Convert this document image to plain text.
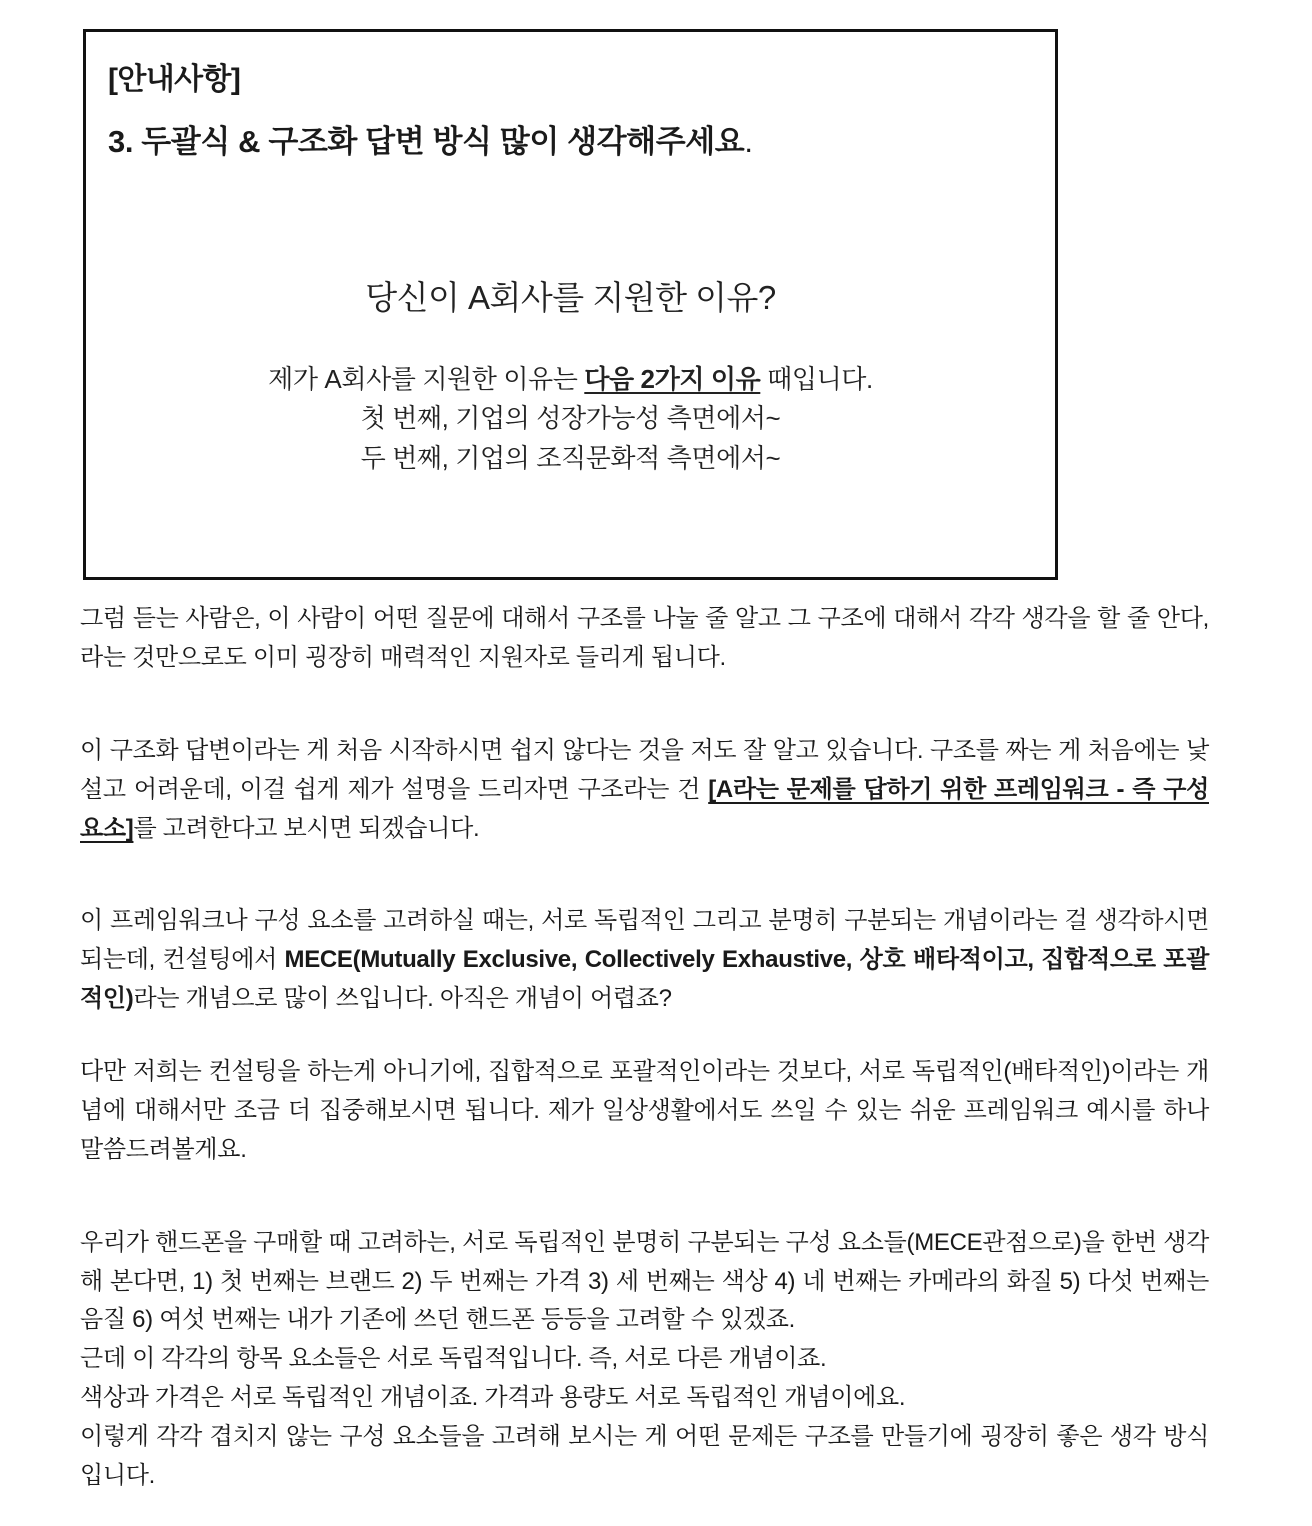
[안내사항]
3. 두괄식 & 구조화 답변 방식 많이 생각해주세요.

당신이 A회사를 지원한 이유?

제가 A회사를 지원한 이유는 다음 2가지 이유 때입니다.

첫 번째, 기업의 성장가능성 측면에서~

두 번째, 기업의 조직문화적 측면에서~

그럼 듣는 사람은, 이 사람이 어떤 질문에 대해서 구조를 나눌 줄 알고 그 구조에 대해서 각각 생각을 할 줄 안다,라는 것만으로도 이미 굉장히 매력적인 지원자로 들리게 됩니다.

이 구조화 답변이라는 게 처음 시작하시면 쉽지 않다는 것을 저도 잘 알고 있습니다. 구조를 짜는 게 처음에는 낯설고 어려운데, 이걸 쉽게 제가 설명을 드리자면 구조라는 건 [A라는 문제를 답하기 위한 프레임워크 - 즉 구성 요소]를 고려한다고 보시면 되겠습니다.

이 프레임워크나 구성 요소를 고려하실 때는, 서로 독립적인 그리고 분명히 구분되는 개념이라는 걸 생각하시면 되는데, 컨설팅에서 MECE(Mutually Exclusive, Collectively Exhaustive, 상호 배타적이고, 집합적으로 포괄적인)라는 개념으로 많이 쓰입니다. 아직은 개념이 어렵죠?

다만 저희는 컨설팅을 하는게 아니기에, 집합적으로 포괄적인이라는 것보다, 서로 독립적인(배타적인)이라는 개념에 대해서만 조금 더 집중해보시면 됩니다. 제가 일상생활에서도 쓰일 수 있는 쉬운 프레임워크 예시를 하나 말씀드려볼게요.

우리가 핸드폰을 구매할 때 고려하는, 서로 독립적인 분명히 구분되는 구성 요소들(MECE관점으로)을 한번 생각해 본다면, 1) 첫 번째는 브랜드 2) 두 번째는 가격 3) 세 번째는 색상 4) 네 번째는 카메라의 화질 5) 다섯 번째는 음질 6) 여섯 번째는 내가 기존에 쓰던 핸드폰 등등을 고려할 수 있겠죠.

근데 이 각각의 항목 요소들은 서로 독립적입니다. 즉, 서로 다른 개념이죠.

색상과 가격은 서로 독립적인 개념이죠. 가격과 용량도 서로 독립적인 개념이에요.

이렇게 각각 겹치지 않는 구성 요소들을 고려해 보시는 게 어떤 문제든 구조를 만들기에 굉장히 좋은 생각 방식입니다.
